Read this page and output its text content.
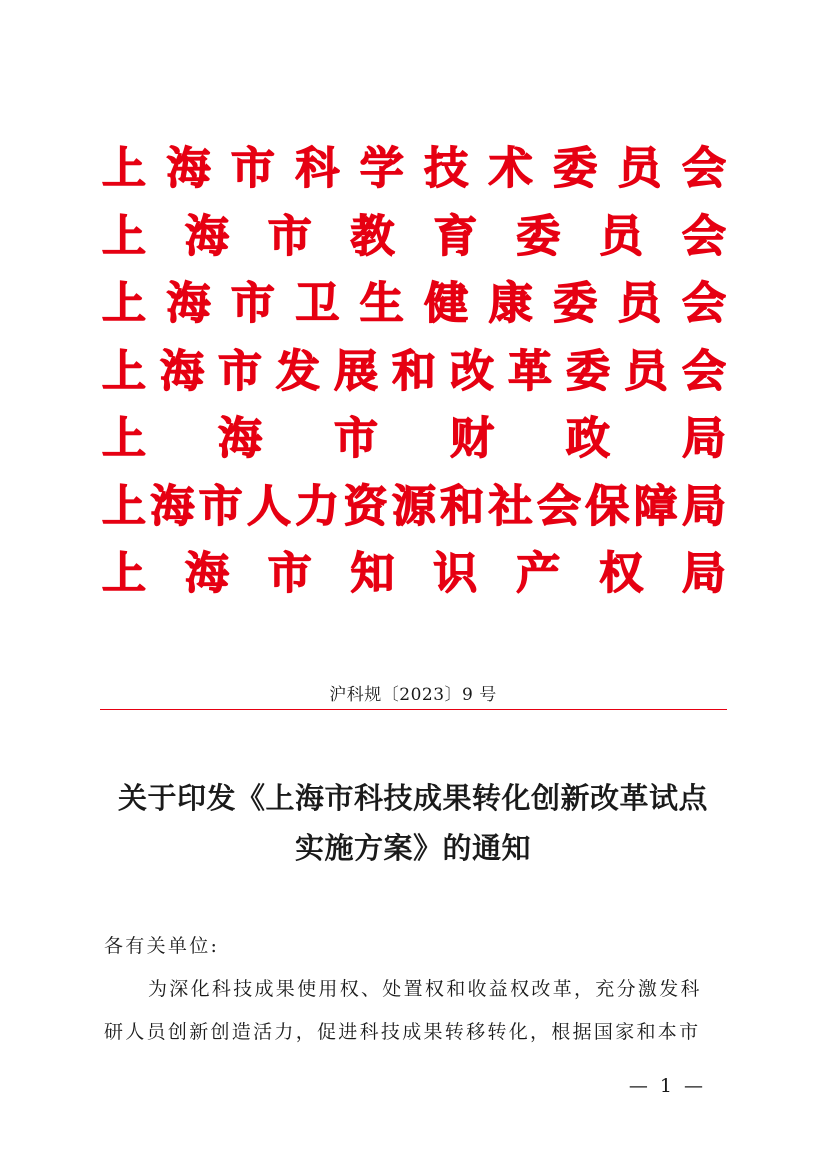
上 海 市 科 学 技 术 委 员 会
上 海 市 教 育 委 员 会
上 海 市 卫 生 健 康 委 员 会
上 海 市 发 展 和 改 革 委 员 会
上 海 市 财 政 局
上 海 市 人 力 资 源 和 社 会 保 障 局
上 海 市 知 识 产 权 局
沪科规〔2023〕9 号
关于印发《上海市科技成果转化创新改革试点
实施方案》的通知
各有关单位:
为深化科技成果使用权、处置权和收益权改革，充分激发科
研人员创新创造活力，促进科技成果转移转化，根据国家和本市
— 1 —
